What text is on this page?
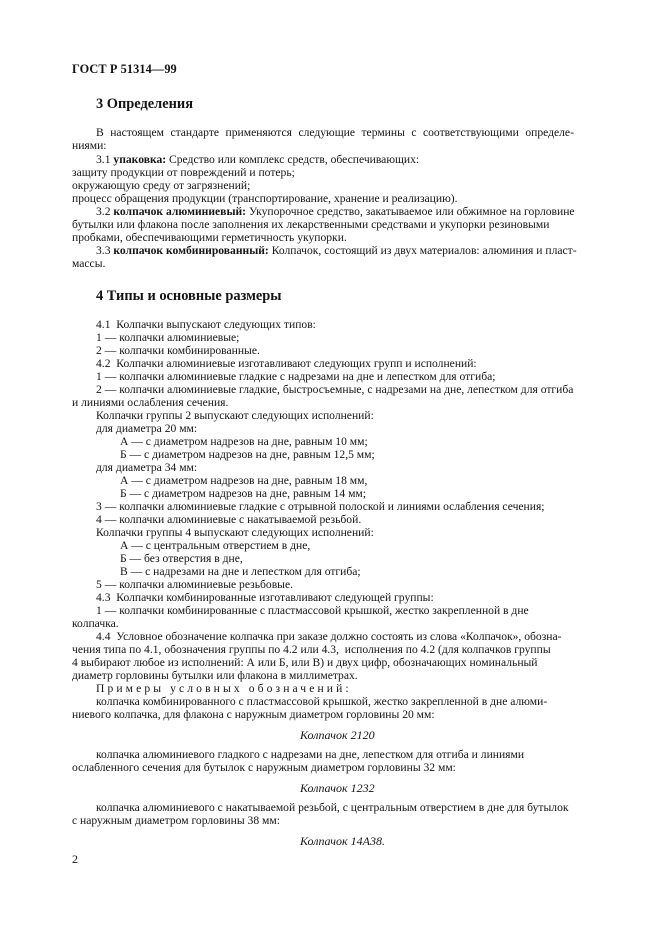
ГОСТ Р 51314—99
3 Определения
В настоящем стандарте применяются следующие термины с соответствующими определе-
ниями:
3.1 упаковка: Средство или комплекс средств, обеспечивающих:
защиту продукции от повреждений и потерь;
окружающую среду от загрязнений;
процесс обращения продукции (транспортирование, хранение и реализацию).
3.2 колпачок алюминиевый: Укупорочное средство, закатываемое или обжимное на горловине
бутылки или флакона после заполнения их лекарственными средствами и укупорки резиновыми
пробками, обеспечивающими герметичность укупорки.
3.3 колпачок комбинированный: Колпачок, состоящий из двух материалов: алюминия и пласт-
массы.
4 Типы и основные размеры
4.1  Колпачки выпускают следующих типов:
1 — колпачки алюминиевые;
2 — колпачки комбинированные.
4.2  Колпачки алюминиевые изготавливают следующих групп и исполнений:
1 — колпачки алюминиевые гладкие с надрезами на дне и лепестком для отгиба;
2 — колпачки алюминиевые гладкие, быстросъемные, с надрезами на дне, лепестком для отгиба
и линиями ослабления сечения.
Колпачки группы 2 выпускают следующих исполнений:
для диаметра 20 мм:
А — с диаметром надрезов на дне, равным 10 мм;
Б — с диаметром надрезов на дне, равным 12,5 мм;
для диаметра 34 мм:
А — с диаметром надрезов на дне, равным 18 мм,
Б — с диаметром надрезов на дне, равным 14 мм;
3 — колпачки алюминиевые гладкие с отрывной полоской и линиями ослабления сечения;
4 — колпачки алюминиевые с накатываемой резьбой.
Колпачки группы 4 выпускают следующих исполнений:
А — с центральным отверстием в дне,
Б — без отверстия в дне,
В — с надрезами на дне и лепестком для отгиба;
5 — колпачки алюминиевые резьбовые.
4.3  Колпачки комбинированные изготавливают следующей группы:
1 — колпачки комбинированные с пластмассовой крышкой, жестко закрепленной в дне
колпачка.
4.4  Условное обозначение колпачка при заказе должно состоять из слова «Колпачок», обозна-
чения типа по 4.1, обозначения группы по 4.2 или 4.3,  исполнения по 4.2 (для колпачков группы
4 выбирают любое из исполнений: А или Б, или В) и двух цифр, обозначающих номинальный
диаметр горловины бутылки или флакона в миллиметрах.
Примеры условных обозначений:
колпачка комбинированного с пластмассовой крышкой, жестко закрепленной в дне алюми-
ниевого колпачка, для флакона с наружным диаметром горловины 20 мм:
Колпачок 2120
колпачка алюминиевого гладкого с надрезами на дне, лепестком для отгиба и линиями
ослабленного сечения для бутылок с наружным диаметром горловины 32 мм:
Колпачок 1232
колпачка алюминиевого с накатываемой резьбой, с центральным отверстием в дне для бутылок
с наружным диаметром горловины 38 мм:
Колпачок 14А38.
2
